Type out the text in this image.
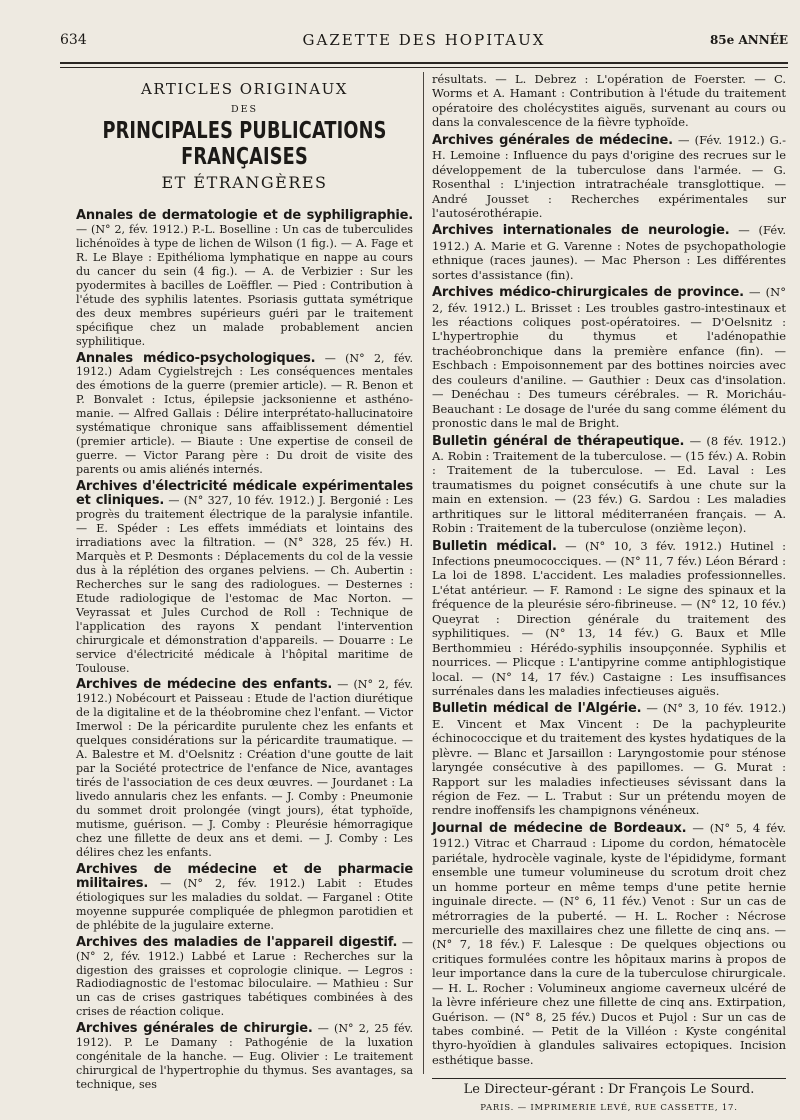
634	GAZETTE DES HOPITAUX	85e ANNÉE
ARTICLES ORIGINAUX
DES
PRINCIPALES PUBLICATIONS FRANÇAISES
ET ÉTRANGÈRES

Annales de dermatologie et de syphiligraphie. — (N° 2, fév. 1912.) P.-L. Boselline : Un cas de tuberculides lichénoïdes à type de lichen de Wilson (1 fig.). — A. Fage et R. Le Blaye : Epithélioma lymphatique en nappe au cours du cancer du sein (4 fig.). — A. de Verbizier : Sur les pyodermites à bacilles de Loëffler. — Pied : Contribution à l'étude des syphilis latentes. Psoriasis guttata symétrique des deux membres supérieurs guéri par le traitement spécifique chez un malade probablement ancien syphilitique.

Annales médico-psychologiques. — (N° 2, fév. 1912.) Adam Cygielstrejch : Les conséquences mentales des émotions de la guerre (premier article). — R. Benon et P. Bonvalet : Ictus, épilepsie jacksonienne et asthéno-manie. — Alfred Gallais : Délire interprétato-hallucinatoire systématique chronique sans affaiblissement démentiel (premier article). — Biaute : Une expertise de conseil de guerre. — Victor Parang père : Du droit de visite des parents ou amis aliénés internés.

Archives d'électricité médicale expérimentales et cliniques. — (N° 327, 10 fév. 1912.) J. Bergonié : Les progrès du traitement électrique de la paralysie infantile. — E. Spéder : Les effets immédiats et lointains des irradiations avec la filtration. — (N° 328, 25 fév.) H. Marquès et P. Desmonts : Déplacements du col de la vessie dus à la réplétion des organes pelviens. — Ch. Aubertin : Recherches sur le sang des radiologues. — Desternes : Etude radiologique de l'estomac de Mac Norton. — Veyrassat et Jules Curchod de Roll : Technique de l'application des rayons X pendant l'intervention chirurgicale et démonstration d'appareils. — Douarre : Le service d'électricité médicale à l'hôpital maritime de Toulouse.

Archives de médecine des enfants. — (N° 2, fév. 1912.) Nobécourt et Paisseau : Etude de l'action diurétique de la digitaline et de la théobromine chez l'enfant. — Victor Imerwol : De la péricardite purulente chez les enfants et quelques considérations sur la péricardite traumatique. — A. Balestre et M. d'Oelsnitz : Création d'une goutte de lait par la Société protectrice de l'enfance de Nice, avantages tirés de l'association de ces deux œuvres. — Jourdanet : La livedo annularis chez les enfants. — J. Comby : Pneumonie du sommet droit prolongée (vingt jours), état typhoïde, mutisme, guérison. — J. Comby : Pleurésie hémorragique chez une fillette de deux ans et demi. — J. Comby : Les délires chez les enfants.

Archives de médecine et de pharmacie militaires. — (N° 2, fév. 1912.) Labit : Etudes étiologiques sur les maladies du soldat. — Farganel : Otite moyenne suppurée compliquée de phlegmon parotidien et de phlébite de la jugulaire externe.

Archives des maladies de l'appareil digestif. — (N° 2, fév. 1912.) Labbé et Larue : Recherches sur la digestion des graisses et coprologie clinique. — Legros : Radiodiagnostic de l'estomac biloculaire. — Mathieu : Sur un cas de crises gastriques tabétiques combinées à des crises de réaction colique.

Archives générales de chirurgie. — (N° 2, 25 fév. 1912). P. Le Damany : Pathogénie de la luxation congénitale de la hanche. — Eug. Olivier : Le traitement chirurgical de l'hypertrophie du thymus. Ses avantages, sa technique, ses

résultats. — L. Debrez : L'opération de Foerster. — C. Worms et A. Hamant : Contribution à l'étude du traitement opératoire des cholécystites aiguës, survenant au cours ou dans la convalescence de la fièvre typhoïde.

Archives générales de médecine. — (Fév. 1912.) G.-H. Lemoine : Influence du pays d'origine des recrues sur le développement de la tuberculose dans l'armée. — G. Rosenthal : L'injection intratrachéale transglottique. — André Jousset : Recherches expérimentales sur l'autosérothérapie.

Archives internationales de neurologie. — (Fév. 1912.) A. Marie et G. Varenne : Notes de psychopathologie ethnique (races jaunes). — Mac Pherson : Les différentes sortes d'assistance (fin).

Archives médico-chirurgicales de province. — (N° 2, fév. 1912.) L. Brisset : Les troubles gastro-intestinaux et les réactions coliques post-opératoires. — D'Oelsnitz : L'hypertrophie du thymus et l'adénopathie trachéobronchique dans la première enfance (fin). — Eschbach : Empoisonnement par des bottines noircies avec des couleurs d'aniline. — Gauthier : Deux cas d'insolation. — Denéchau : Des tumeurs cérébrales. — R. Moricháu-Beauchant : Le dosage de l'urée du sang comme élément du pronostic dans le mal de Bright.

Bulletin général de thérapeutique. — (8 fév. 1912.) A. Robin : Traitement de la tuberculose. — (15 fév.) A. Robin : Traitement de la tuberculose. — Ed. Laval : Les traumatismes du poignet consécutifs à une chute sur la main en extension. — (23 fév.) G. Sardou : Les maladies arthritiques sur le littoral méditerranéen français. — A. Robin : Traitement de la tuberculose (onzième leçon).

Bulletin médical. — (N° 10, 3 fév. 1912.) Hutinel : Infections pneumococciques. — (N° 11, 7 fév.) Léon Bérard : La loi de 1898. L'accident. Les maladies professionnelles. L'état antérieur. — F. Ramond : Le signe des spinaux et la fréquence de la pleurésie séro-fibrineuse. — (N° 12, 10 fév.) Queyrat : Direction générale du traitement des syphilitiques. — (N° 13, 14 fév.) G. Baux et Mlle Berthommieu : Hérédo-syphilis insoupçonnée. Syphilis et nourrices. — Plicque : L'antipyrine comme antiphlogistique local. — (N° 14, 17 fév.) Castaigne : Les insuffisances surrénales dans les maladies infectieuses aiguës.

Bulletin médical de l'Algérie. — (N° 3, 10 fév. 1912.) E. Vincent et Max Vincent : De la pachypleurite échinococcique et du traitement des kystes hydatiques de la plèvre. — Blanc et Jarsaillon : Laryngostomie pour sténose laryngée consécutive à des papillomes. — G. Murat : Rapport sur les maladies infectieuses sévissant dans la région de Fez. — L. Trabut : Sur un prétendu moyen de rendre inoffensifs les champignons vénéneux.

Journal de médecine de Bordeaux. — (N° 5, 4 fév. 1912.) Vitrac et Charraud : Lipome du cordon, hématocèle pariétale, hydrocèle vaginale, kyste de l'épididyme, formant ensemble une tumeur volumineuse du scrotum droit chez un homme porteur en même temps d'une petite hernie inguinale directe. — (N° 6, 11 fév.) Venot : Sur un cas de métrorragies de la puberté. — H. L. Rocher : Nécrose mercurielle des maxillaires chez une fillette de cinq ans. — (N° 7, 18 fév.) F. Lalesque : De quelques objections ou critiques formulées contre les hôpitaux marins à propos de leur importance dans la cure de la tuberculose chirurgicale. — H. L. Rocher : Volumineux angiome caverneux ulcéré de la lèvre inférieure chez une fillette de cinq ans. Extirpation, Guérison. — (N° 8, 25 fév.) Ducos et Pujol : Sur un cas de tabes combiné. — Petit de la Villéon : Kyste congénital thyro-hyoïdien à glandules salivaires ectopiques. Incision esthétique basse.

Le Directeur-gérant : Dr François Le Sourd.
PARIS. — IMPRIMERIE LEVÉ, RUE CASSETTE, 17.
